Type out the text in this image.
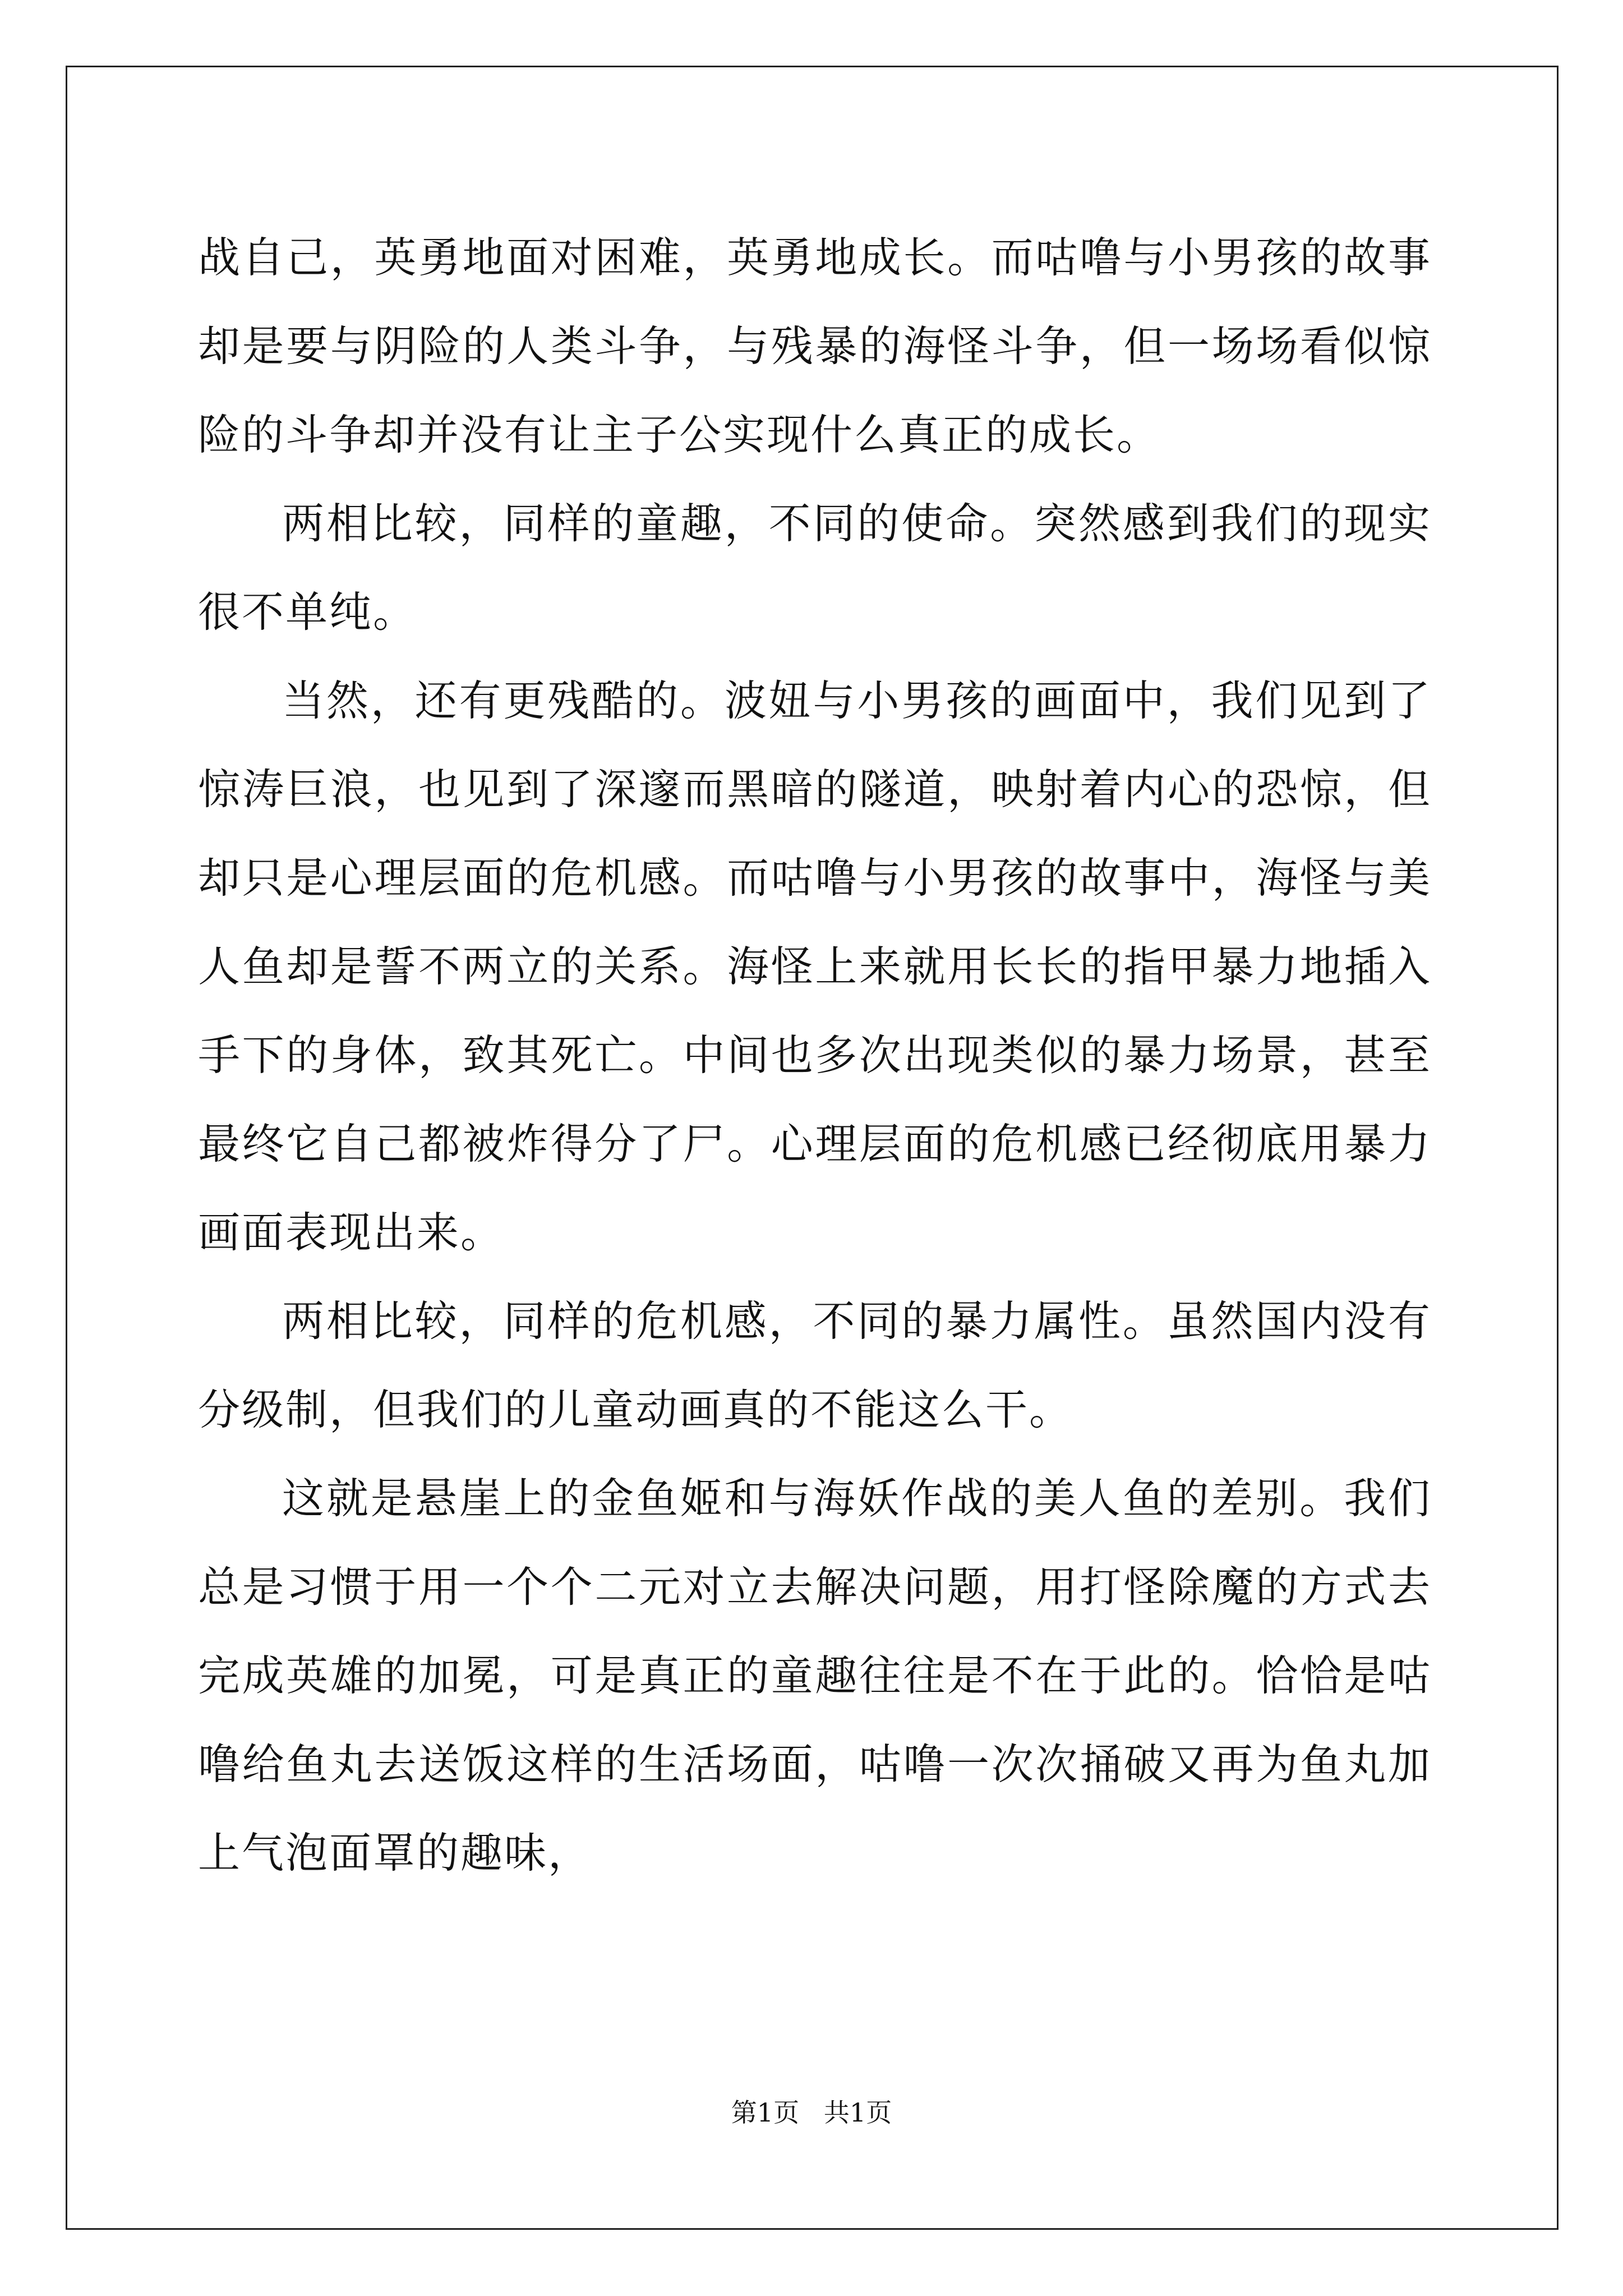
战自己，英勇地面对困难，英勇地成长。而咕噜与小男孩的故事却是要与阴险的人类斗争，与残暴的海怪斗争，但一场场看似惊险的斗争却并没有让主子公实现什么真正的成长。

两相比较，同样的童趣，不同的使命。突然感到我们的现实很不单纯。

当然，还有更残酷的。波妞与小男孩的画面中，我们见到了惊涛巨浪，也见到了深邃而黑暗的隧道，映射着内心的恐惊，但却只是心理层面的危机感。而咕噜与小男孩的故事中，海怪与美人鱼却是誓不两立的关系。海怪上来就用长长的指甲暴力地插入手下的身体，致其死亡。中间也多次出现类似的暴力场景，甚至最终它自己都被炸得分了尸。心理层面的危机感已经彻底用暴力画面表现出来。

两相比较，同样的危机感，不同的暴力属性。虽然国内没有分级制，但我们的儿童动画真的不能这么干。

这就是悬崖上的金鱼姬和与海妖作战的美人鱼的差别。我们总是习惯于用一个个二元对立去解决问题，用打怪除魔的方式去完成英雄的加冕，可是真正的童趣往往是不在于此的。恰恰是咕噜给鱼丸去送饭这样的生活场面，咕噜一次次捅破又再为鱼丸加上气泡面罩的趣味，

第1页   共1页
